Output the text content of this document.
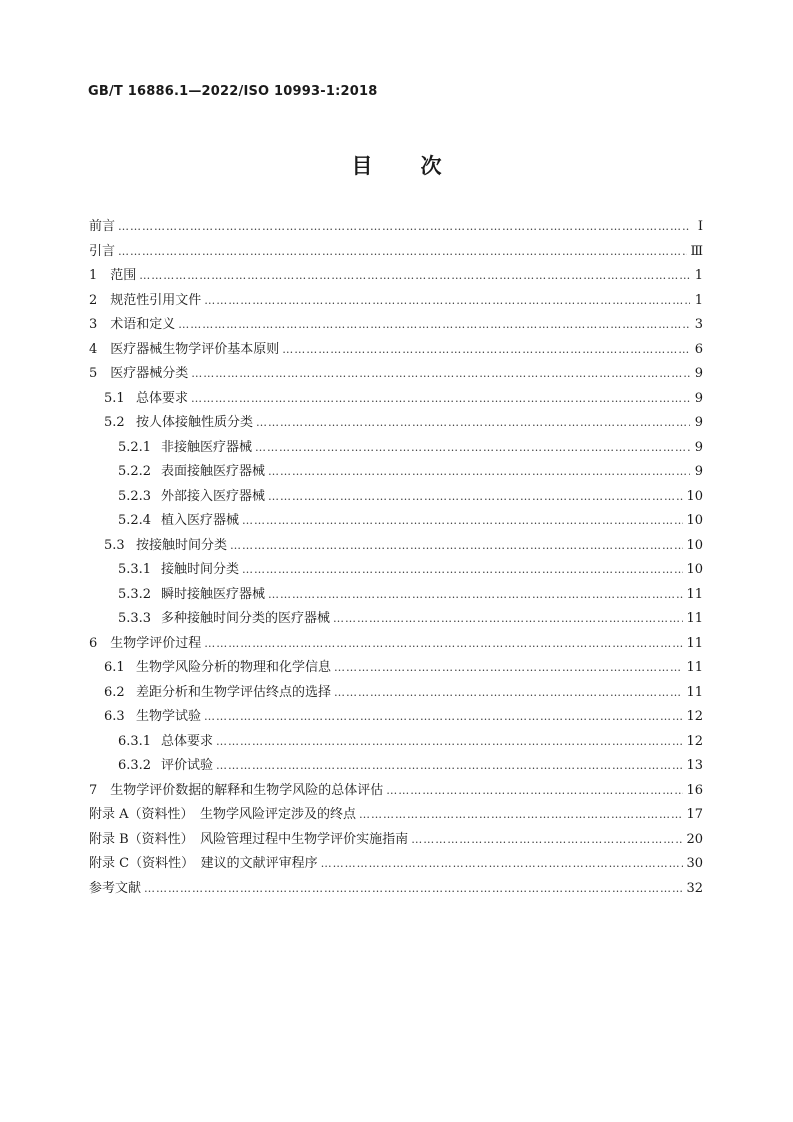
GB/T 16886.1—2022/ISO 10993-1:2018
目 次
前言 …………………………………………………………………………………………………………………………………………………………………………………………	Ⅰ
引言 …………………………………………………………………………………………………………………………………………………………………………………………	Ⅲ
1　 范围 …………………………………………………………………………………………………………………………………………………………………………………………	1
2　 规范性引用文件 …………………………………………………………………………………………………………………………………………………………………………………………	1
3　 术语和定义 …………………………………………………………………………………………………………………………………………………………………………………………	3
4　 医疗器械生物学评价基本原则 …………………………………………………………………………………………………………………………………………………………………………………………	6
5　 医疗器械分类 …………………………………………………………………………………………………………………………………………………………………………………………	9
5.1 总体要求 …………………………………………………………………………………………………………………………………………………………………………………………	9
5.2 按人体接触性质分类 …………………………………………………………………………………………………………………………………………………………………………………………	9
5.2.1 非接触医疗器械 …………………………………………………………………………………………………………………………………………………………………………………………	9
5.2.2 表面接触医疗器械 …………………………………………………………………………………………………………………………………………………………………………………………	9
5.2.3 外部接入医疗器械 …………………………………………………………………………………………………………………………………………………………………………………………	10
5.2.4 植入医疗器械 …………………………………………………………………………………………………………………………………………………………………………………………	10
5.3 按接触时间分类 …………………………………………………………………………………………………………………………………………………………………………………………	10
5.3.1 接触时间分类 …………………………………………………………………………………………………………………………………………………………………………………………	10
5.3.2 瞬时接触医疗器械 …………………………………………………………………………………………………………………………………………………………………………………………	11
5.3.3 多种接触时间分类的医疗器械 …………………………………………………………………………………………………………………………………………………………………………………………	11
6　 生物学评价过程 …………………………………………………………………………………………………………………………………………………………………………………………	11
6.1 生物学风险分析的物理和化学信息 …………………………………………………………………………………………………………………………………………………………………………………………	11
6.2 差距分析和生物学评估终点的选择 …………………………………………………………………………………………………………………………………………………………………………………………	11
6.3 生物学试验 …………………………………………………………………………………………………………………………………………………………………………………………	12
6.3.1 总体要求 …………………………………………………………………………………………………………………………………………………………………………………………	12
6.3.2 评价试验 …………………………………………………………………………………………………………………………………………………………………………………………	13
7　 生物学评价数据的解释和生物学风险的总体评估 …………………………………………………………………………………………………………………………………………………………………………………………	16
附录 A（资料性）　生物学风险评定涉及的终点 …………………………………………………………………………………………………………………………………………………………………………………………	17
附录 B（资料性）　风险管理过程中生物学评价实施指南 …………………………………………………………………………………………………………………………………………………………………………………………	20
附录 C（资料性）　建议的文献评审程序 …………………………………………………………………………………………………………………………………………………………………………………………	30
参考文献 …………………………………………………………………………………………………………………………………………………………………………………………	32
